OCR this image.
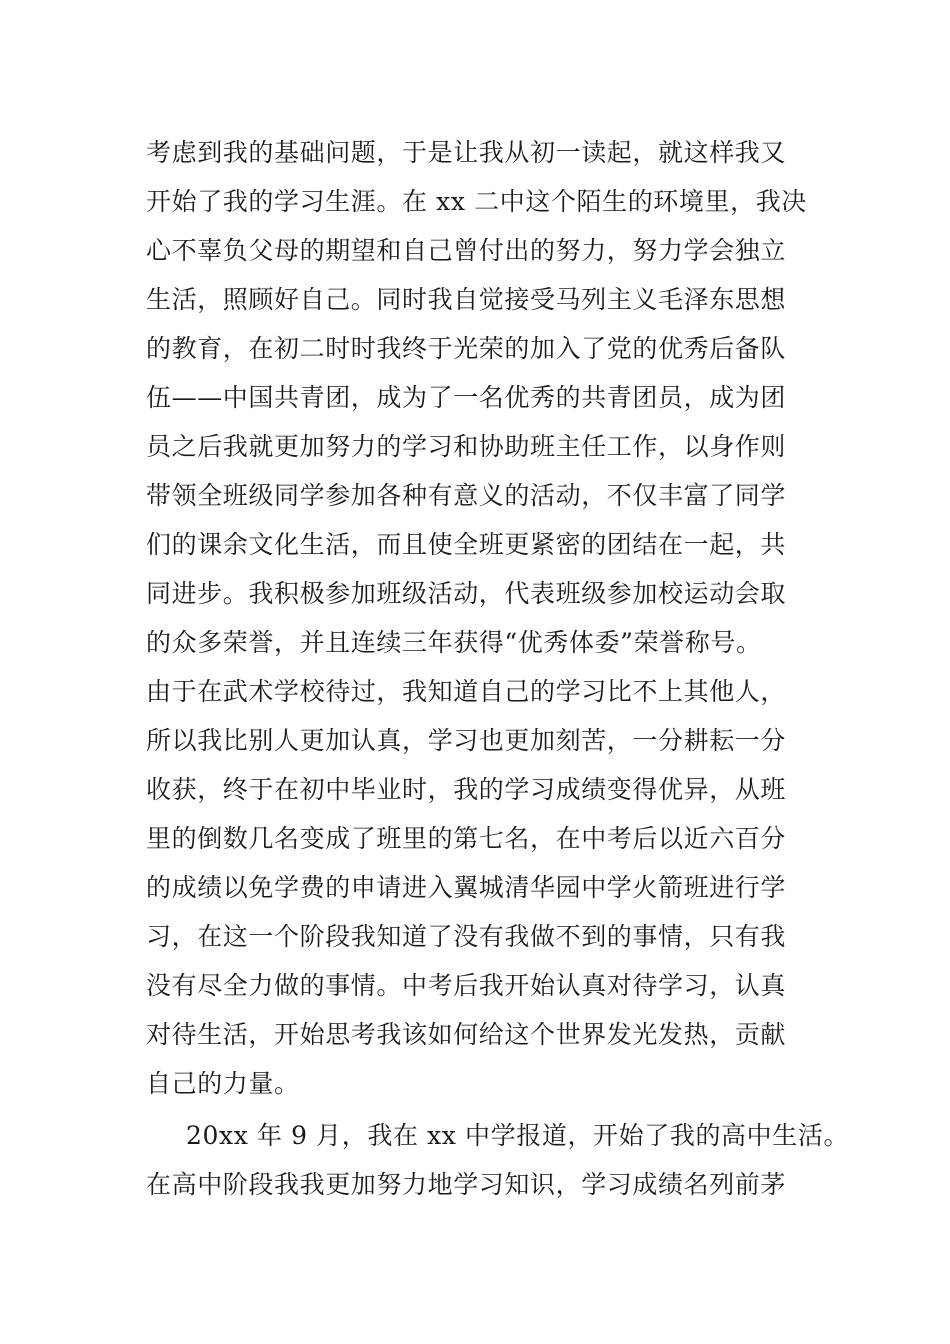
考虑到我的基础问题，于是让我从初一读起，就这样我又
开始了我的学习生涯。在 xx 二中这个陌生的环境里，我决
心不辜负父母的期望和自己曾付出的努力，努力学会独立
生活，照顾好自己。同时我自觉接受马列主义毛泽东思想
的教育，在初二时时我终于光荣的加入了党的优秀后备队
伍——中国共青团，成为了一名优秀的共青团员，成为团
员之后我就更加努力的学习和协助班主任工作，以身作则
带领全班级同学参加各种有意义的活动，不仅丰富了同学
们的课余文化生活，而且使全班更紧密的团结在一起，共
同进步。我积极参加班级活动，代表班级参加校运动会取
的众多荣誉，并且连续三年获得“优秀体委”荣誉称号。
由于在武术学校待过，我知道自己的学习比不上其他人，
所以我比别人更加认真，学习也更加刻苦，一分耕耘一分
收获，终于在初中毕业时，我的学习成绩变得优异，从班
里的倒数几名变成了班里的第七名，在中考后以近六百分
的成绩以免学费的申请进入翼城清华园中学火箭班进行学
习，在这一个阶段我知道了没有我做不到的事情，只有我
没有尽全力做的事情。中考后我开始认真对待学习，认真
对待生活，开始思考我该如何给这个世界发光发热，贡献
自己的力量。
20xx 年 9 月，我在 xx 中学报道，开始了我的高中生活。
在高中阶段我我更加努力地学习知识，学习成绩名列前茅
